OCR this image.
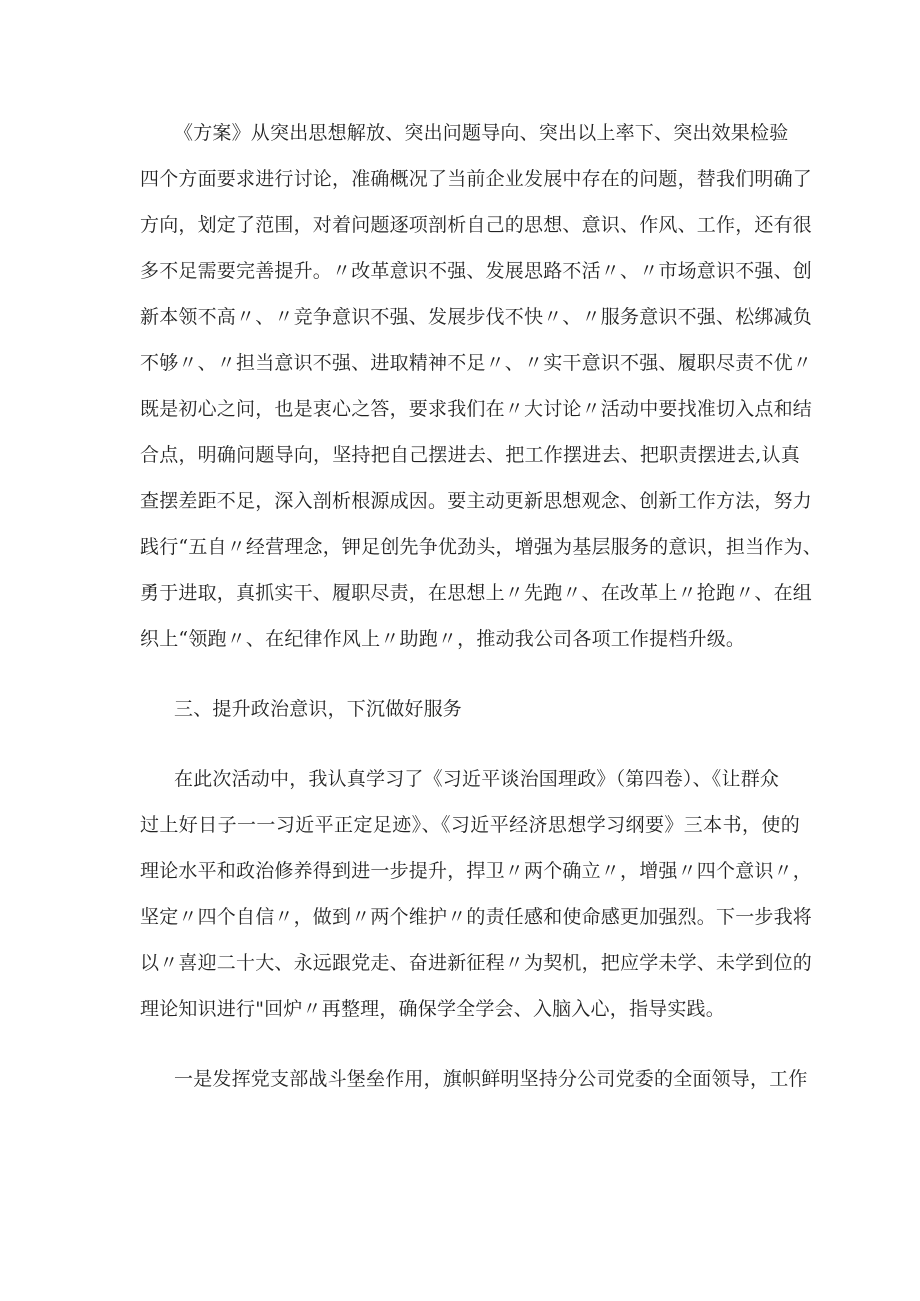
《方案》从突出思想解放、突出问题导向、突出以上率下、突出效果检验
四个方面要求进行讨论，准确概况了当前企业发展中存在的问题，替我们明确了
方向，划定了范围，对着问题逐项剖析自己的思想、意识、作风、工作，还有很
多不足需要完善提升。〃改革意识不强、发展思路不活〃、〃市场意识不强、创
新本领不高〃、〃竞争意识不强、发展步伐不快〃、〃服务意识不强、松绑减负
不够〃、〃担当意识不强、进取精神不足〃、〃实干意识不强、履职尽责不优〃
既是初心之问，也是衷心之答，要求我们在〃大讨论〃活动中要找准切入点和结
合点，明确问题导向，坚持把自己摆进去、把工作摆进去、把职责摆进去,认真
查摆差距不足，深入剖析根源成因。要主动更新思想观念、创新工作方法，努力
践行“五自〃经营理念，钾足创先争优劲头，增强为基层服务的意识，担当作为、
勇于进取，真抓实干、履职尽责，在思想上〃先跑〃、在改革上〃抢跑〃、在组
织上“领跑〃、在纪律作风上〃助跑〃，推动我公司各项工作提档升级。
三、提升政治意识，下沉做好服务
在此次活动中，我认真学习了《习近平谈治国理政》（第四卷）、《让群众
过上好日子一一习近平正定足迹》、《习近平经济思想学习纲要》三本书，使的
理论水平和政治修养得到进一步提升，捍卫〃两个确立〃，增强〃四个意识〃，
坚定〃四个自信〃，做到〃两个维护〃的责任感和使命感更加强烈。下一步我将
以〃喜迎二十大、永远跟党走、奋进新征程〃为契机，把应学未学、未学到位的
理论知识进行"回炉〃再整理，确保学全学会、入脑入心，指导实践。
一是发挥党支部战斗堡垒作用，旗帜鲜明坚持分公司党委的全面领导，工作
